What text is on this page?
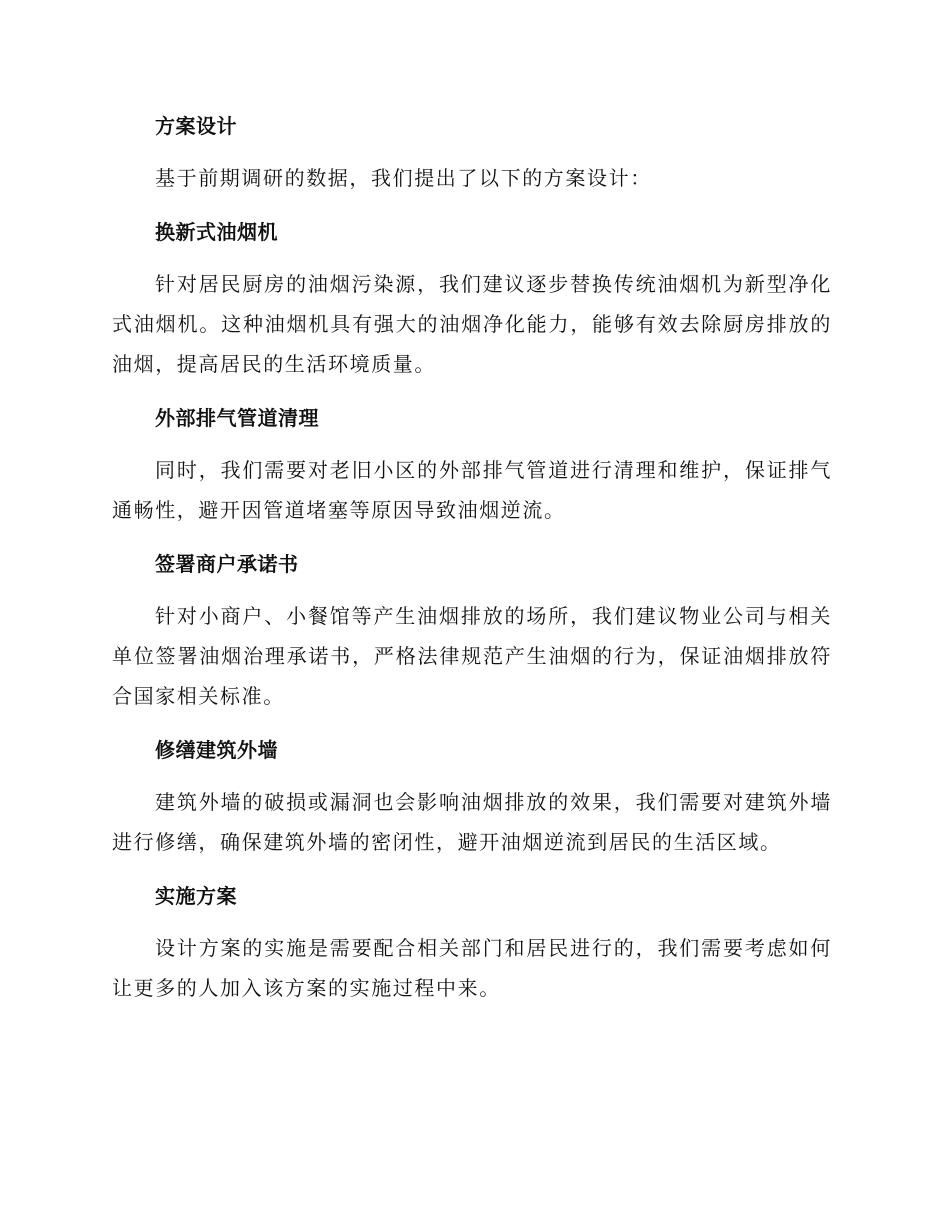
方案设计

基于前期调研的数据，我们提出了以下的方案设计：

换新式油烟机

针对居民厨房的油烟污染源，我们建议逐步替换传统油烟机为新型净化式油烟机。这种油烟机具有强大的油烟净化能力，能够有效去除厨房排放的油烟，提高居民的生活环境质量。

外部排气管道清理

同时，我们需要对老旧小区的外部排气管道进行清理和维护，保证排气通畅性，避开因管道堵塞等原因导致油烟逆流。

签署商户承诺书

针对小商户、小餐馆等产生油烟排放的场所，我们建议物业公司与相关单位签署油烟治理承诺书，严格法律规范产生油烟的行为，保证油烟排放符合国家相关标准。

修缮建筑外墙

建筑外墙的破损或漏洞也会影响油烟排放的效果，我们需要对建筑外墙进行修缮，确保建筑外墙的密闭性，避开油烟逆流到居民的生活区域。

实施方案

设计方案的实施是需要配合相关部门和居民进行的，我们需要考虑如何让更多的人加入该方案的实施过程中来。
